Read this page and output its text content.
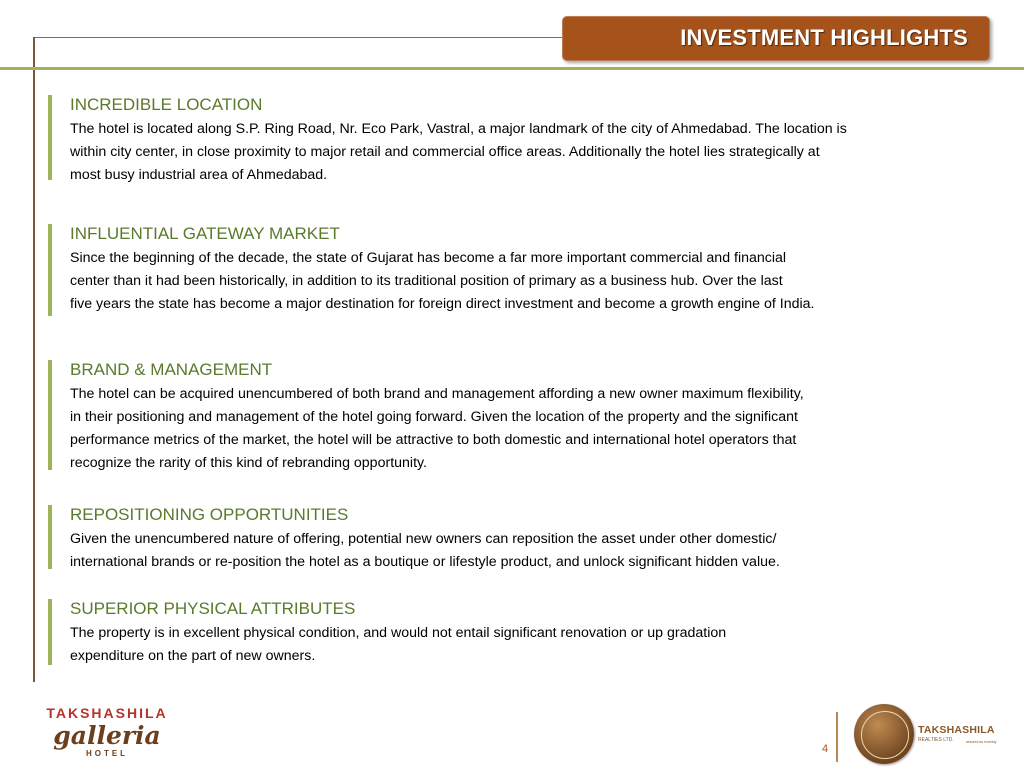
INVESTMENT HIGHLIGHTS
INCREDIBLE LOCATION
The hotel is located along S.P. Ring Road, Nr. Eco Park, Vastral, a major landmark of the city of Ahmedabad. The location is
within city center, in close proximity to major retail and commercial office areas. Additionally the hotel lies strategically at
most busy industrial area of Ahmedabad.
INFLUENTIAL GATEWAY MARKET
Since the beginning of the decade, the state of Gujarat has become a far more important commercial and financial
center than it had been historically, in addition to its traditional position of primary as a business hub. Over the last
five years the state has become a major destination for foreign direct investment and become a growth engine of India.
BRAND & MANAGEMENT
The hotel can be acquired unencumbered of both brand and management affording a new owner maximum flexibility,
in their positioning and management of the hotel going forward. Given the location of the property and the significant
performance metrics of the market, the hotel will be attractive to both domestic and international hotel operators that
recognize the rarity of this kind of rebranding opportunity.
REPOSITIONING OPPORTUNITIES
Given the unencumbered nature of offering, potential new owners can reposition the asset under other domestic/
international brands or re-position the hotel as a boutique or lifestyle product, and unlock significant hidden value.
SUPERIOR PHYSICAL ATTRIBUTES
The property is in excellent physical condition, and would not entail significant renovation or up gradation
expenditure on the part of new owners.
TAKSHASHILA
galleria
HOTEL	4
TAKSHASHILA
REALTIES LTD.	assured as honesty
